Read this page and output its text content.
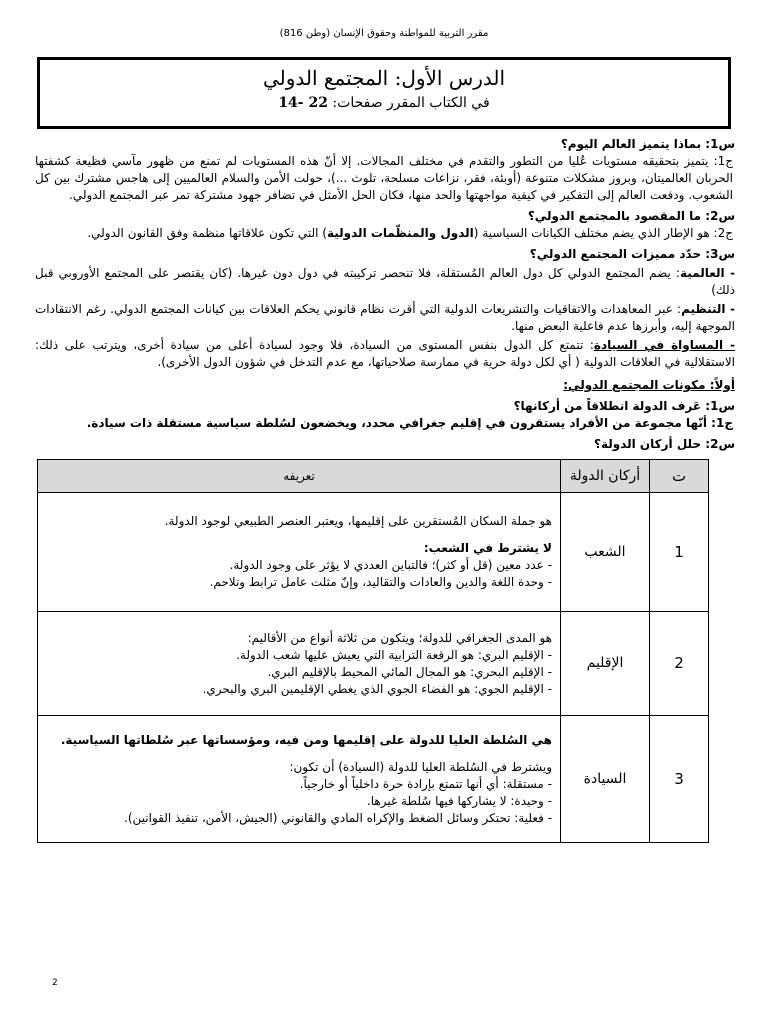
مقرر التربية للمواطنة وحقوق الإنسان (وطن 816)
الدرس الأول: المجتمع الدولي
في الكتاب المقرر صفحات: 14- 22
س1: بماذا يتميز العالم اليوم؟
ج1: يتميز بتحقيقه مستويات عُليا من التطور والتقدم في مختلف المجالات. إلا أنّ هذه المستويات لم تمنع من ظهور مآسي فظيعة كشفتها الحربان العالميتان، وبروز مشكلات متنوعة (أوبئة، فقر، نزاعات مسلحة، تلوث ...)، حولت الأمن والسلام العالميين إلى هاجس مشترك بين كل الشعوب. ودفعت العالم إلى التفكير في كيفية مواجهتها والحد منها، فكان الحل الأمثل في تضافر جهود مشتركة تمر عبر المجتمع الدولي.
س2: ما المقصود بالمجتمع الدولي؟
ج2: هو الإطار الذي يضم مختلف الكيانات السياسية (الدول والمنظّمات الدولية) التي تكون علاقاتها منظمة وفق القانون الدولي.
س3: حدّد مميزات المجتمع الدولي؟
- العالمية: يضم المجتمع الدولي كل دول العالم المُستقلة، فلا تنحصر تركيبته في دول دون غيرها. (كان يقتصر على المجتمع الأوروبي قبل ذلك)
- التنظيم: عبر المعاهدات والاتفاقيات والتشريعات الدولية التي أقرت نظام قانوني يحكم العلاقات بين كيانات المجتمع الدولي. رغم الانتقادات الموجهة إليه، وأبرزها عدم فاعلية البعض منها.
- المساواة في السيادة: تتمتع كل الدول بنفس المستوى من السيادة، فلا وجود لسيادة أعلى من سيادة أخرى، ويترتب على ذلك: الاستقلالية في العلاقات الدولية ( أي لكل دولة حرية في ممارسة صلاحياتها، مع عدم التدخل في شؤون الدول الأخرى).
أولاً: مكونات المجتمع الدولي:
س1: عَرف الدولة انطلاقاً من أركانها؟
ج1: أنّها مجموعة من الأفراد يستقرون في إقليم جغرافي محدد، ويخضعون لسُلطة سياسية مستقلة ذات سيادة.
س2: حلل أركان الدولة؟
ت	أركان الدولة	تعريفه
1	الشعب	هو جملة السكان المُستقرين على إقليمها، ويعتبر العنصر الطبيعي لوجود الدولة.

لا يشترط في الشعب:

- عدد معين (قل أو كثر)؛ فالتباين العددي لا يؤثر على وجود الدولة.

- وحدة اللغة والدين والعادات والتقاليد، وإنّ مثلت عامل ترابط وتلاحم.

2	الإقليم	هو المدى الجغرافي للدولة؛ ويتكون من ثلاثة أنواع من الأقاليم:

- الإقليم البري: هو الرقعة الترابية التي يعيش عليها شعب الدولة.

- الإقليم البحري: هو المجال المائي المحيط بالإقليم البري.

- الإقليم الجوي: هو الفضاء الجوي الذي يغطي الإقليمين البري والبحري.

3	السيادة	هي السُلطة العليا للدولة على إقليمها ومن فيه، ومؤسساتها عبر سُلطاتها السياسية.

ويشترط في السُلطة العليا للدولة (السيادة) أن تكون:

- مستقلة: أي أنها تتمتع بإرادة حرة داخلياً أو خارجياً.

- وحيدة: لا يشاركها فيها سُلطة غيرها.

- فعلية: تحتكر وسائل الضغط والإكراه المادي والقانوني (الجيش، الأمن، تنفيذ القوانين).

2
